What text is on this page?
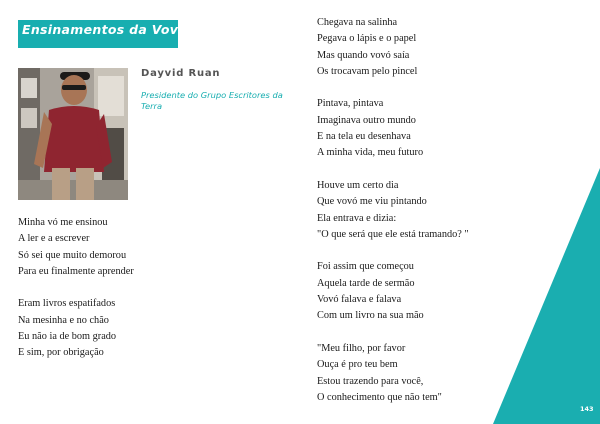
Ensinamentos da Vovó
Dayvid Ruan
Presidente do Grupo Escritores da Terra
Minha vó me ensinou
A ler e a escrever
Só sei que muito demorou
Para eu finalmente aprender
Eram livros espatifados
Na mesinha e no chão
Eu não ia de bom grado
E sim, por obrigação
Chegava na salinha
Pegava o lápis e o papel
Mas quando vovó saía
Os trocavam pelo pincel
Pintava, pintava
Imaginava outro mundo
E na tela eu desenhava
A minha vida, meu futuro
Houve um certo dia
Que vovó me viu pintando
Ela entrava e dizia:
"O que será que ele está tramando? "
Foi assim que começou
Aquela tarde de sermão
Vovó falava e falava
Com um livro na sua mão
"Meu filho, por favor
Ouça é pro teu bem
Estou trazendo para você,
O conhecimento que não tem"
143
